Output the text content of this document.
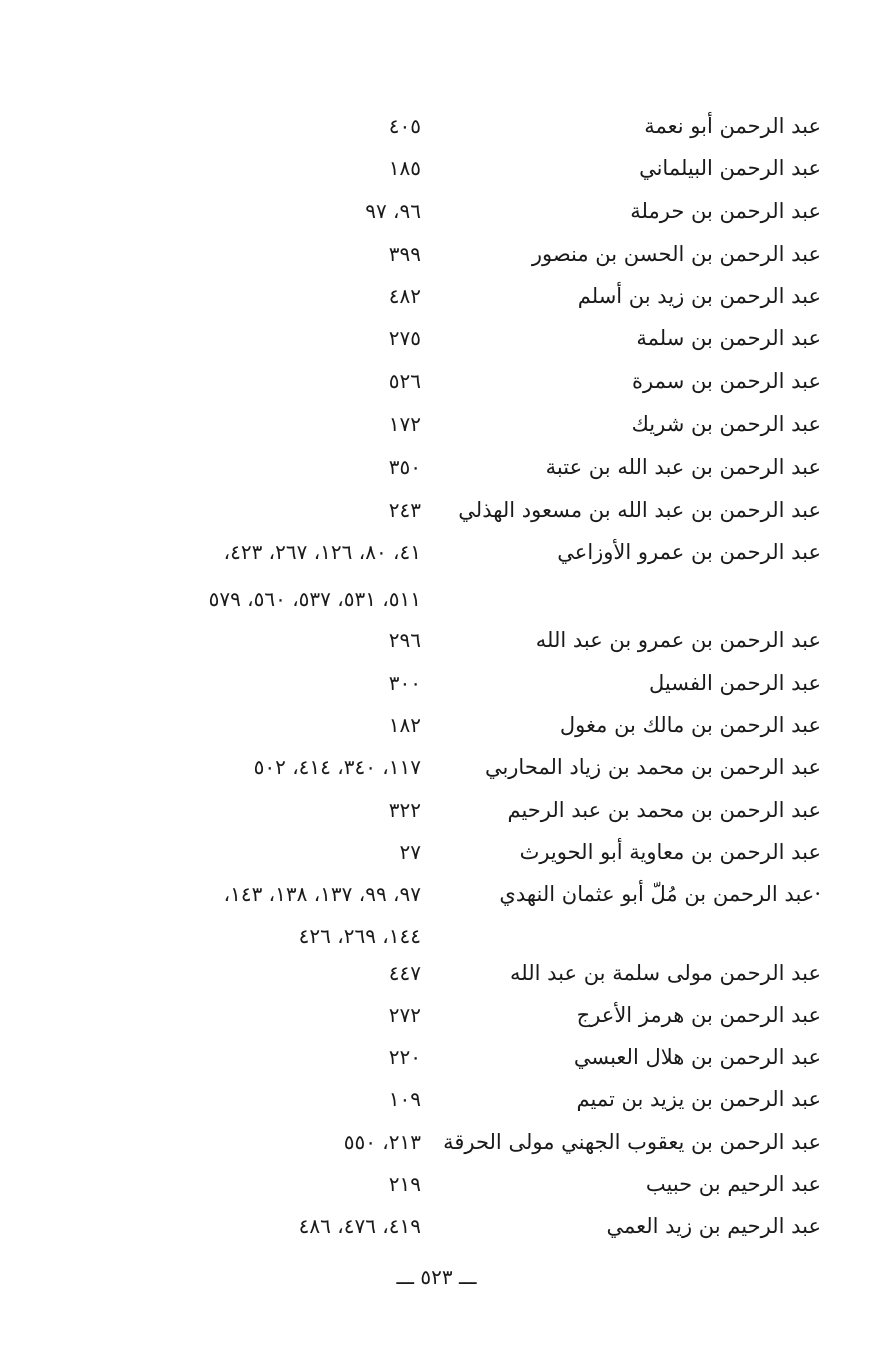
عبد الرحمن أبو نعمة
٤٠٥
عبد الرحمن البيلماني
١٨٥
عبد الرحمن بن حرملة
٩٦، ٩٧
عبد الرحمن بن الحسن بن منصور
٣٩٩
عبد الرحمن بن زيد بن أسلم
٤٨٢
عبد الرحمن بن سلمة
٢٧٥
عبد الرحمن بن سمرة
٥٢٦
عبد الرحمن بن شريك
١٧٢
عبد الرحمن بن عبد الله بن عتبة
٣٥٠
عبد الرحمن بن عبد الله بن مسعود الهذلي
٢٤٣
عبد الرحمن بن عمرو الأوزاعي
٤١، ٨٠، ١٢٦، ٢٦٧، ٤٢٣،
٥١١، ٥٣١، ٥٣٧، ٥٦٠، ٥٧٩
عبد الرحمن بن عمرو بن عبد الله
٢٩٦
عبد الرحمن الفسيل
٣٠٠
عبد الرحمن بن مالك بن مغول
١٨٢
عبد الرحمن بن محمد بن زياد المحاربي
١١٧، ٣٤٠، ٤١٤، ٥٠٢
عبد الرحمن بن محمد بن عبد الرحيم
٣٢٢
عبد الرحمن بن معاوية أبو الحويرث
٢٧
·عبد الرحمن بن مُلّ أبو عثمان النهدي
٩٧، ٩٩، ١٣٧، ١٣٨، ١٤٣،
١٤٤، ٢٦٩، ٤٢٦
عبد الرحمن مولى سلمة بن عبد الله
٤٤٧
عبد الرحمن بن هرمز الأعرج
٢٧٢
عبد الرحمن بن هلال العبسي
٢٢٠
عبد الرحمن بن يزيد بن تميم
١٠٩
عبد الرحمن بن يعقوب الجهني مولى الحرقة
٢١٣، ٥٥٠
عبد الرحيم بن حبيب
٢١٩
عبد الرحيم بن زيد العمي
٤١٩، ٤٧٦، ٤٨٦
ـــ ٥٢٣ ـــ
